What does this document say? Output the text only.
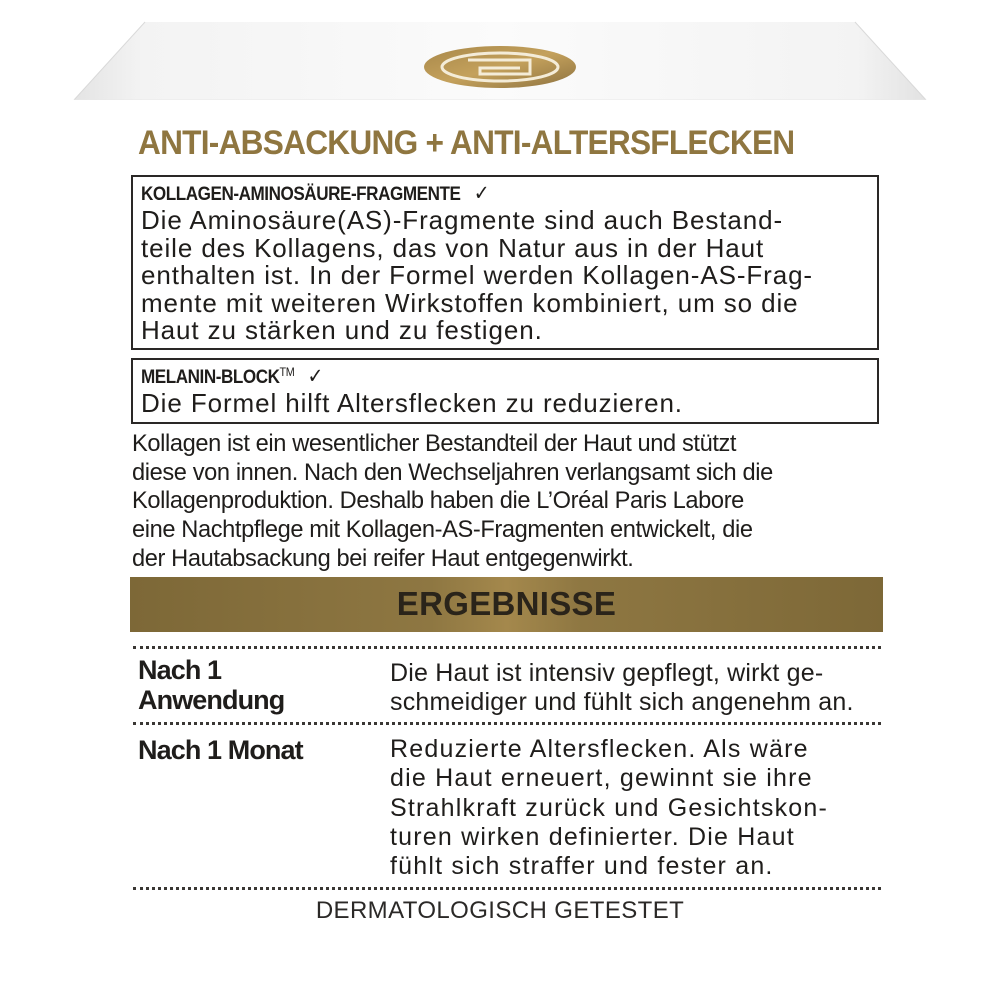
ANTI-ABSACKUNG + ANTI-ALTERSFLECKEN
KOLLAGEN-AMINOSÄURE-FRAGMENTE ✓
Die Aminosäure(AS)-Fragmente sind auch Bestand-
teile des Kollagens, das von Natur aus in der Haut
enthalten ist. In der Formel werden Kollagen-AS-Frag-
mente mit weiteren Wirkstoffen kombiniert, um so die
Haut zu stärken und zu festigen.
MELANIN-BLOCK™ ✓
Die Formel hilft Altersflecken zu reduzieren.
Kollagen ist ein wesentlicher Bestandteil der Haut und stützt
diese von innen. Nach den Wechseljahren verlangsamt sich die
Kollagenproduktion. Deshalb haben die L’Oréal Paris Labore
eine Nachtpflege mit Kollagen-AS-Fragmenten entwickelt, die
der Hautabsackung bei reifer Haut entgegenwirkt.
ERGEBNISSE
Nach 1
Anwendung
Die Haut ist intensiv gepflegt, wirkt ge-
schmeidiger und fühlt sich angenehm an.
Nach 1 Monat	Reduzierte Altersflecken. Als wäre
die Haut erneuert, gewinnt sie ihre
Strahlkraft zurück und Gesichtskon-
turen wirken definierter. Die Haut
fühlt sich straffer und fester an.
DERMATOLOGISCH GETESTET
